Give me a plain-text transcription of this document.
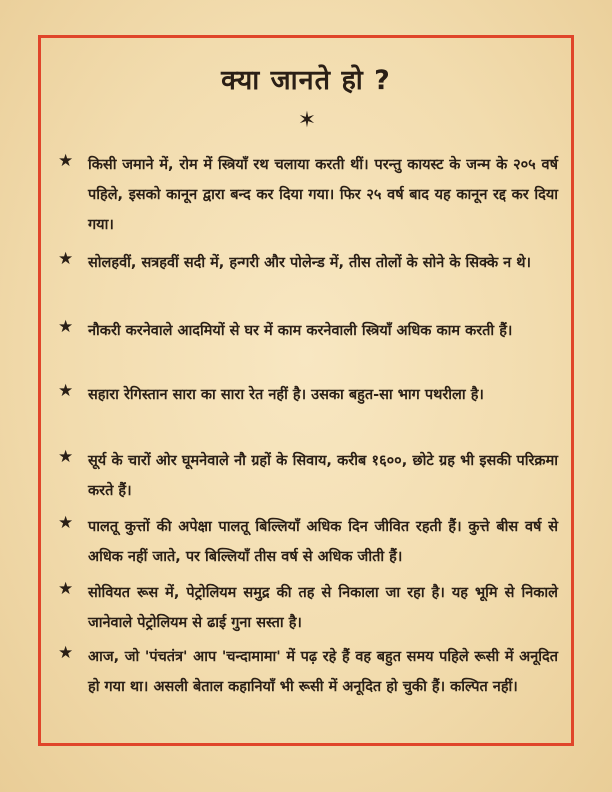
क्या जानते हो ?
✶
★ किसी जमाने में, रोम में स्त्रियाँ रथ चलाया करती थीं। परन्तु कायस्ट के जन्म के २०५ वर्ष पहिले, इसको कानून द्वारा बन्द कर दिया गया। फिर २५ वर्ष बाद यह कानून रद्द कर दिया गया।
★ सोलहवीं, सत्रहवीं सदी में, हन्गरी और पोलेन्ड में, तीस तोलों के सोने के सिक्के न थे।
★ नौकरी करनेवाले आदमियों से घर में काम करनेवाली स्त्रियाँ अधिक काम करती हैं।
★ सहारा रेगिस्तान सारा का सारा रेत नहीं है। उसका बहुत-सा भाग पथरीला है।
★ सूर्य के चारों ओर घूमनेवाले नौ ग्रहों के सिवाय, करीब १६००, छोटे ग्रह भी इसकी परिक्रमा करते हैं।
★ पालतू कुत्तों की अपेक्षा पालतू बिल्लियाँ अधिक दिन जीवित रहती हैं। कुत्ते बीस वर्ष से अधिक नहीं जाते, पर बिल्लियाँ तीस वर्ष से अधिक जीती हैं।
★ सोवियत रूस में, पेट्रोलियम समुद्र की तह से निकाला जा रहा है। यह भूमि से निकाले जानेवाले पेट्रोलियम से ढाई गुना सस्ता है।
★ आज, जो 'पंचतंत्र' आप 'चन्दामामा' में पढ़ रहे हैं वह बहुत समय पहिले रूसी में अनूदित हो गया था। असली बेताल कहानियाँ भी रूसी में अनूदित हो चुकी हैं। कल्पित नहीं।
